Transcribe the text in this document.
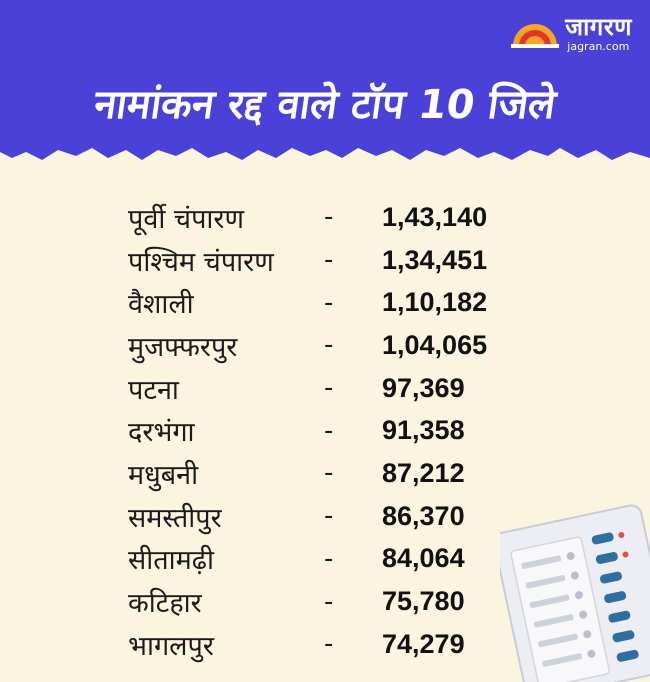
जागरण
jagran.com
नामांकन रद्द वाले टॉप 10 जिले
पूर्वी चंपारण	-	1,43,140
पश्चिम चंपारण	-	1,34,451
वैशाली	-	1,10,182
मुजफ्फरपुर	-	1,04,065
पटना	-	97,369
दरभंगा	-	91,358
मधुबनी	-	87,212
समस्तीपुर	-	86,370
सीतामढ़ी	-	84,064
कटिहार	-	75,780
भागलपुर	-	74,279
